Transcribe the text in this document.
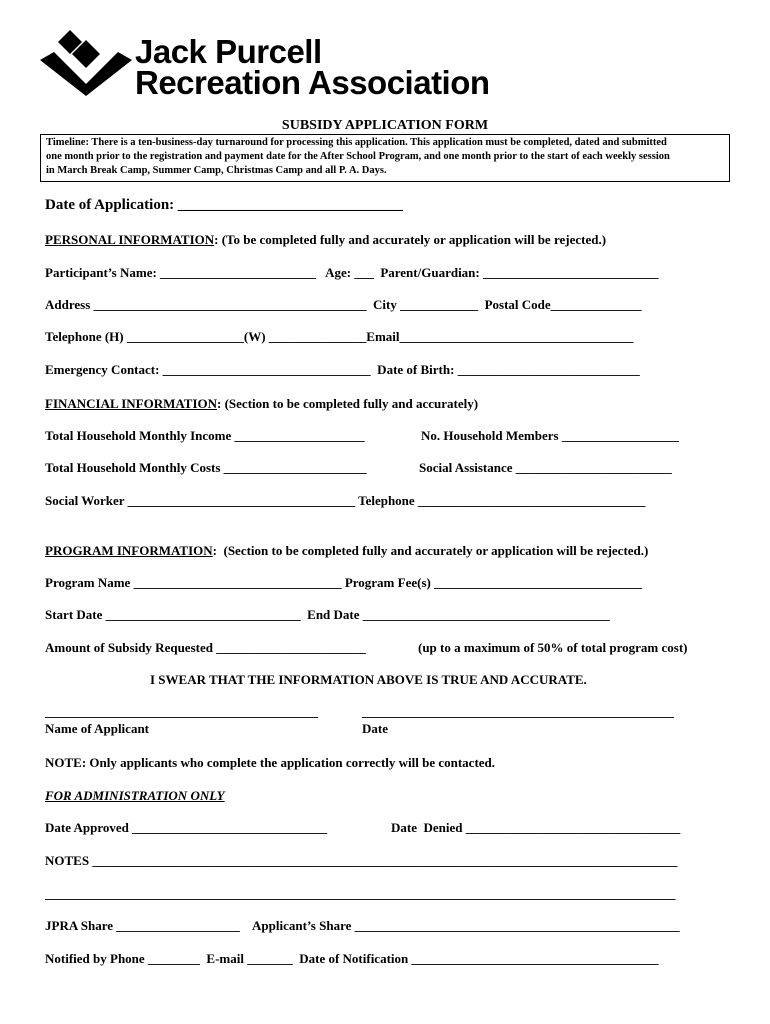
Jack Purcell
Recreation Association
SUBSIDY APPLICATION FORM
Timeline: There is a ten-business-day turnaround for processing this application. This application must be completed, dated and submitted
one month prior to the registration and payment date for the After School Program, and one month prior to the start of each weekly session
in March Break Camp, Summer Camp, Christmas Camp and all P. A. Days.
Date of Application: ______________________________
PERSONAL INFORMATION: (To be completed fully and accurately or application will be rejected.)
Participant’s Name: ________________________   Age: ___  Parent/Guardian: ___________________________
Address __________________________________________  City ____________  Postal Code______________
Telephone (H) __________________(W) _______________Email____________________________________
Emergency Contact: ________________________________  Date of Birth: ____________________________
FINANCIAL INFORMATION: (Section to be completed fully and accurately)
Total Household Monthly Income ____________________	No. Household Members __________________
Total Household Monthly Costs ______________________	Social Assistance ________________________
Social Worker ___________________________________ Telephone ___________________________________
PROGRAM INFORMATION:  (Section to be completed fully and accurately or application will be rejected.)
Program Name ________________________________ Program Fee(s) ________________________________
Start Date ______________________________  End Date ______________________________________
Amount of Subsidy Requested _______________________	(up to a maximum of 50% of total program cost)
I SWEAR THAT THE INFORMATION ABOVE IS TRUE AND ACCURATE.
__________________________________________	________________________________________________
Name of Applicant	Date
NOTE: Only applicants who complete the application correctly will be contacted.
FOR ADMINISTRATION ONLY
Date Approved ______________________________	Date  Denied _________________________________
NOTES __________________________________________________________________________________________
_________________________________________________________________________________________________
JPRA Share ___________________    Applicant’s Share __________________________________________________
Notified by Phone ________  E-mail _______  Date of Notification ______________________________________
